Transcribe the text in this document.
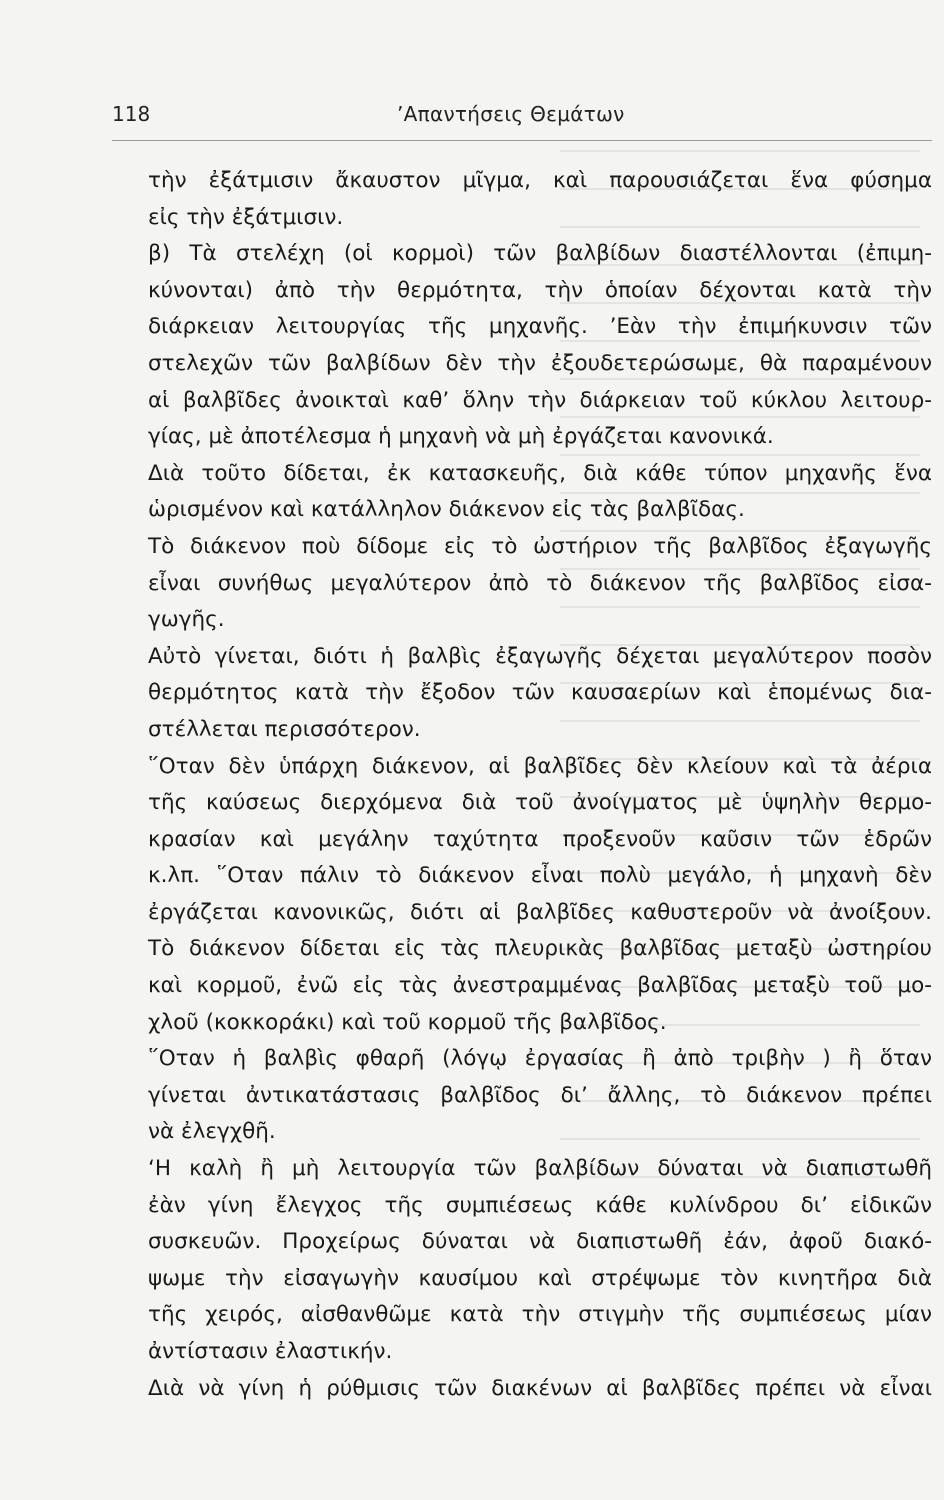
118	’Απαντήσεις Θεμάτων
τὴν ἐξάτμισιν ἄκαυστον μῖγμα, καὶ παρουσιάζεται ἕνα φύσημα
εἰς τὴν ἐξάτμισιν.
β) Τὰ στελέχη (οἱ κορμοὶ) τῶν βαλβίδων διαστέλλονται (ἐπιμη-
κύνονται) ἀπὸ τὴν θερμότητα, τὴν ὁποίαν δέχονται κατὰ τὴν
διάρκειαν λειτουργίας τῆς μηχανῆς. ’Εὰν τὴν ἐπιμήκυνσιν τῶν
στελεχῶν τῶν βαλβίδων δὲν τὴν ἐξουδετερώσωμε, θὰ παραμένουν
αἱ βαλβῖδες ἀνοικταὶ καθ’ ὅλην τὴν διάρκειαν τοῦ κύκλου λειτουρ-
γίας, μὲ ἀποτέλεσμα ἡ μηχανὴ νὰ μὴ ἐργάζεται κανονικά.
Διὰ τοῦτο δίδεται, ἐκ κατασκευῆς, διὰ κάθε τύπον μηχανῆς ἕνα
ὡρισμένον καὶ κατάλληλον διάκενον εἰς τὰς βαλβῖδας.
Τὸ διάκενον ποὺ δίδομε εἰς τὸ ὠστήριον τῆς βαλβῖδος ἐξαγωγῆς
εἶναι συνήθως μεγαλύτερον ἀπὸ τὸ διάκενον τῆς βαλβῖδος εἰσα-
γωγῆς.
Αὐτὸ γίνεται, διότι ἡ βαλβὶς ἐξαγωγῆς δέχεται μεγαλύτερον ποσὸν
θερμότητος κατὰ τὴν ἔξοδον τῶν καυσαερίων καὶ ἑπομένως δια-
στέλλεται περισσότερον.
῞Οταν δὲν ὑπάρχη διάκενον, αἱ βαλβῖδες δὲν κλείουν καὶ τὰ ἀέρια
τῆς καύσεως διερχόμενα διὰ τοῦ ἀνοίγματος μὲ ὑψηλὴν θερμο-
κρασίαν καὶ μεγάλην ταχύτητα προξενοῦν καῦσιν τῶν ἑδρῶν
κ.λπ. ῞Οταν πάλιν τὸ διάκενον εἶναι πολὺ μεγάλο, ἡ μηχανὴ δὲν
ἐργάζεται κανονικῶς, διότι αἱ βαλβῖδες καθυστεροῦν νὰ ἀνοίξουν.
Τὸ διάκενον δίδεται εἰς τὰς πλευρικὰς βαλβῖδας μεταξὺ ὠστηρίου
καὶ κορμοῦ, ἐνῶ εἰς τὰς ἀνεστραμμένας βαλβῖδας μεταξὺ τοῦ μο-
χλοῦ (κοκκοράκι) καὶ τοῦ κορμοῦ τῆς βαλβῖδος.
῞Οταν ἡ βαλβὶς φθαρῆ (λόγῳ ἐργασίας ἢ ἀπὸ τριβὴν ) ἢ ὅταν
γίνεται ἀντικατάστασις βαλβῖδος δι’ ἄλλης, τὸ διάκενον πρέπει
νὰ ἐλεγχθῆ.
‘Η καλὴ ἢ μὴ λειτουργία τῶν βαλβίδων δύναται νὰ διαπιστωθῆ
ἐὰν γίνη ἔλεγχος τῆς συμπιέσεως κάθε κυλίνδρου δι’ εἰδικῶν
συσκευῶν. Προχείρως δύναται νὰ διαπιστωθῆ ἐάν, ἀφοῦ διακό-
ψωμε τὴν εἰσαγωγὴν καυσίμου καὶ στρέψωμε τὸν κινητῆρα διὰ
τῆς χειρός, αἰσθανθῶμε κατὰ τὴν στιγμὴν τῆς συμπιέσεως μίαν
ἀντίστασιν ἐλαστικήν.
Διὰ νὰ γίνη ἡ ρύθμισις τῶν διακένων αἱ βαλβῖδες πρέπει νὰ εἶναι
